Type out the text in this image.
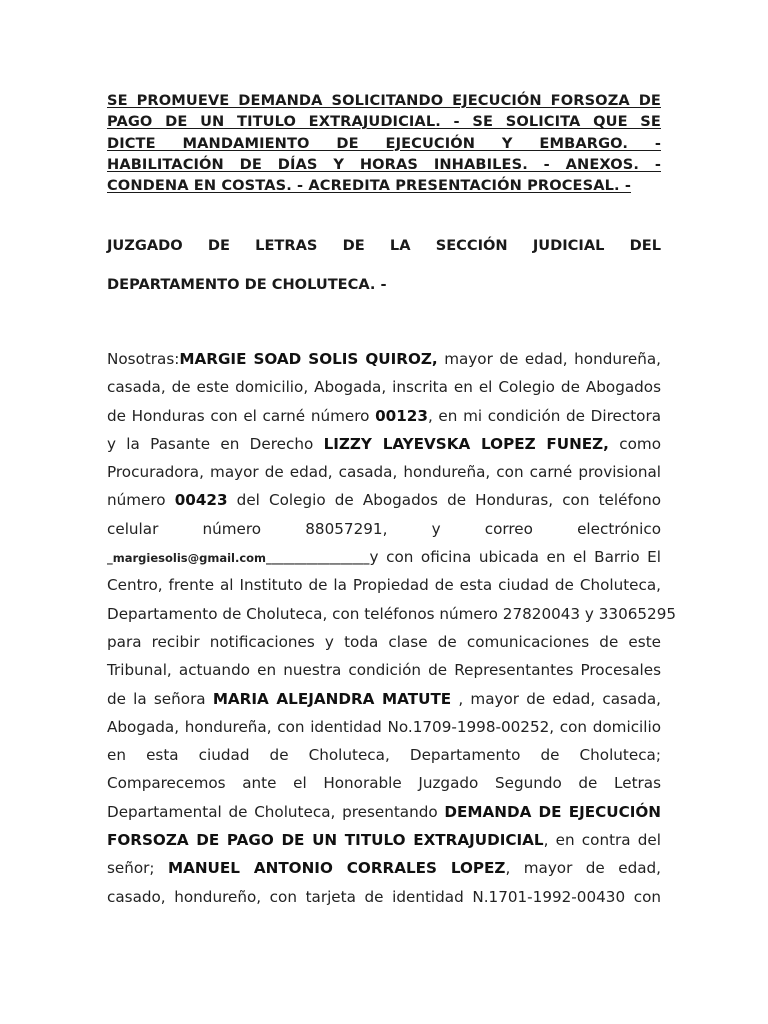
SE PROMUEVE DEMANDA SOLICITANDO EJECUCIÓN FORSOZA DE
PAGO DE UN TITULO EXTRAJUDICIAL. - SE SOLICITA QUE SE
DICTE MANDAMIENTO DE EJECUCIÓN Y EMBARGO. -
HABILITACIÓN DE DÍAS Y HORAS INHABILES. - ANEXOS. -
CONDENA EN COSTAS. - ACREDITA PRESENTACIÓN PROCESAL. -
JUZGADO DE LETRAS DE LA SECCIÓN JUDICIAL DEL
DEPARTAMENTO DE CHOLUTECA. -
Nosotras:MARGIE SOAD SOLIS QUIROZ, mayor de edad, hondureña,
casada, de este domicilio, Abogada, inscrita en el Colegio de Abogados
de Honduras con el carné número 00123, en mi condición de Directora
y la Pasante en Derecho LIZZY LAYEVSKA LOPEZ FUNEZ, como
Procuradora, mayor de edad, casada, hondureña, con carné provisional
número 00423 del Colegio de Abogados de Honduras, con teléfono
celular número 88057291, y correo electrónico
_margiesolis@gmail.com__________________y con oficina ubicada en el Barrio El
Centro, frente al Instituto de la Propiedad de esta ciudad de Choluteca,
Departamento de Choluteca, con teléfonos número 27820043 y 33065295
para recibir notificaciones y toda clase de comunicaciones de este
Tribunal, actuando en nuestra condición de Representantes Procesales
de la señora MARIA ALEJANDRA MATUTE , mayor de edad, casada,
Abogada, hondureña, con identidad No.1709-1998-00252, con domicilio
en esta ciudad de Choluteca, Departamento de Choluteca;
Comparecemos ante el Honorable Juzgado Segundo de Letras
Departamental de Choluteca, presentando DEMANDA DE EJECUCIÓN
FORSOZA DE PAGO DE UN TITULO EXTRAJUDICIAL, en contra del
señor; MANUEL ANTONIO CORRALES LOPEZ, mayor de edad,
casado, hondureño, con tarjeta de identidad N.1701-1992-00430 con
